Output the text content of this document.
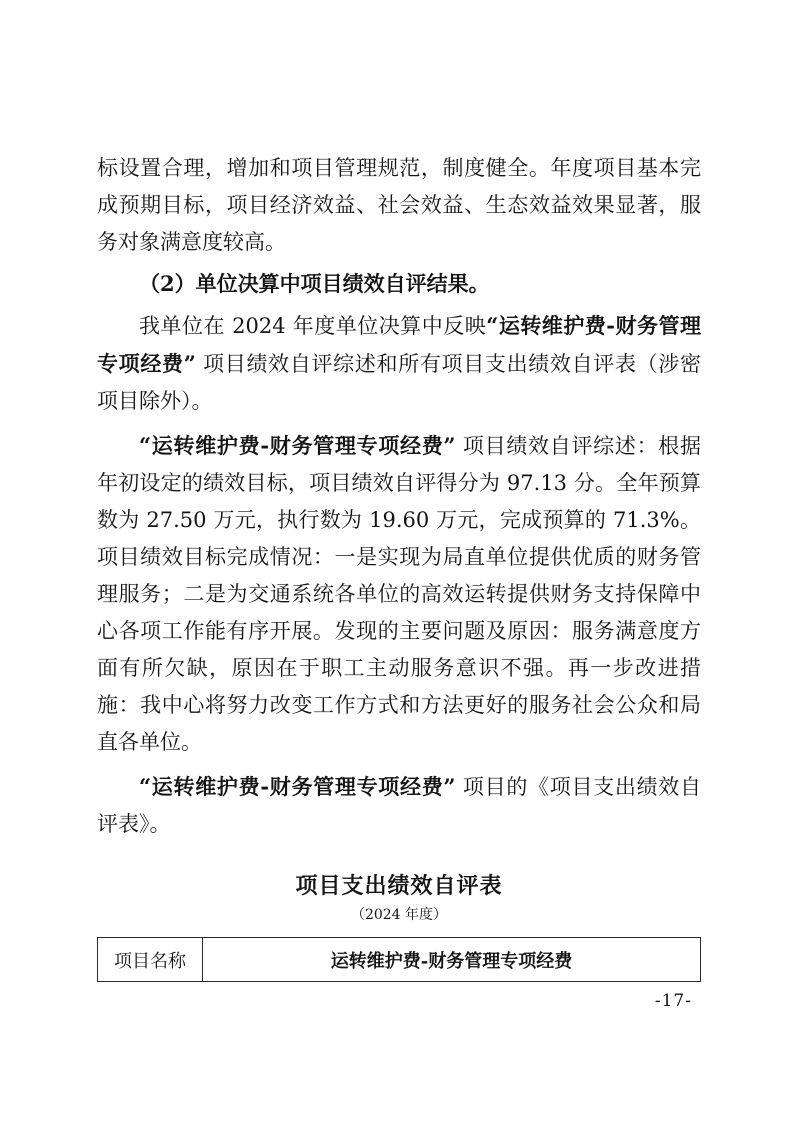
标设置合理，增加和项目管理规范，制度健全。年度项目基本完成预期目标，项目经济效益、社会效益、生态效益效果显著，服务对象满意度较高。

（2）单位决算中项目绩效自评结果。

我单位在 2024 年度单位决算中反映“运转维护费-财务管理专项经费” 项目绩效自评综述和所有项目支出绩效自评表（涉密项目除外）。

“运转维护费-财务管理专项经费” 项目绩效自评综述：根据年初设定的绩效目标，项目绩效自评得分为 97.13 分。全年预算数为 27.50 万元，执行数为 19.60 万元，完成预算的 71.3%。项目绩效目标完成情况：一是实现为局直单位提供优质的财务管理服务；二是为交通系统各单位的高效运转提供财务支持保障中心各项工作能有序开展。发现的主要问题及原因：服务满意度方面有所欠缺，原因在于职工主动服务意识不强。再一步改进措施：我中心将努力改变工作方式和方法更好的服务社会公众和局直各单位。

“运转维护费-财务管理专项经费” 项目的《项目支出绩效自评表》。

项目支出绩效自评表
（2024 年度）
项目名称	运转维护费-财务管理专项经费
-17-
